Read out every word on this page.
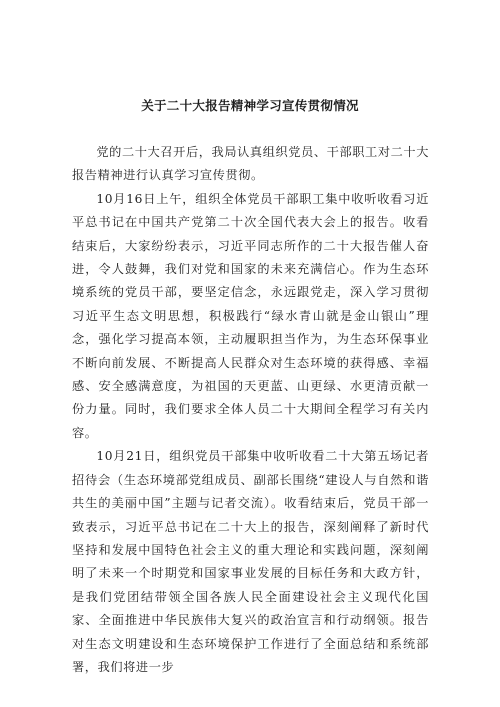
关于二十大报告精神学习宣传贯彻情况

党的二十大召开后，我局认真组织党员、干部职工对二十大报告精神进行认真学习宣传贯彻。

10月16日上午，组织全体党员干部职工集中收听收看习近平总书记在中国共产党第二十次全国代表大会上的报告。收看结束后，大家纷纷表示，习近平同志所作的二十大报告催人奋进，令人鼓舞，我们对党和国家的未来充满信心。作为生态环境系统的党员干部，要坚定信念，永远跟党走，深入学习贯彻习近平生态文明思想，积极践行“绿水青山就是金山银山”理念，强化学习提高本领，主动履职担当作为，为生态环保事业不断向前发展、不断提高人民群众对生态环境的获得感、幸福感、安全感满意度，为祖国的天更蓝、山更绿、水更清贡献一份力量。同时，我们要求全体人员二十大期间全程学习有关内容。

10月21日，组织党员干部集中收听收看二十大第五场记者招待会（生态环境部党组成员、副部长围绕“建设人与自然和谐共生的美丽中国”主题与记者交流）。收看结束后，党员干部一致表示，习近平总书记在二十大上的报告，深刻阐释了新时代坚持和发展中国特色社会主义的重大理论和实践问题，深刻阐明了未来一个时期党和国家事业发展的目标任务和大政方针，是我们党团结带领全国各族人民全面建设社会主义现代化国家、全面推进中华民族伟大复兴的政治宣言和行动纲领。报告对生态文明建设和生态环境保护工作进行了全面总结和系统部署，我们将进一步
